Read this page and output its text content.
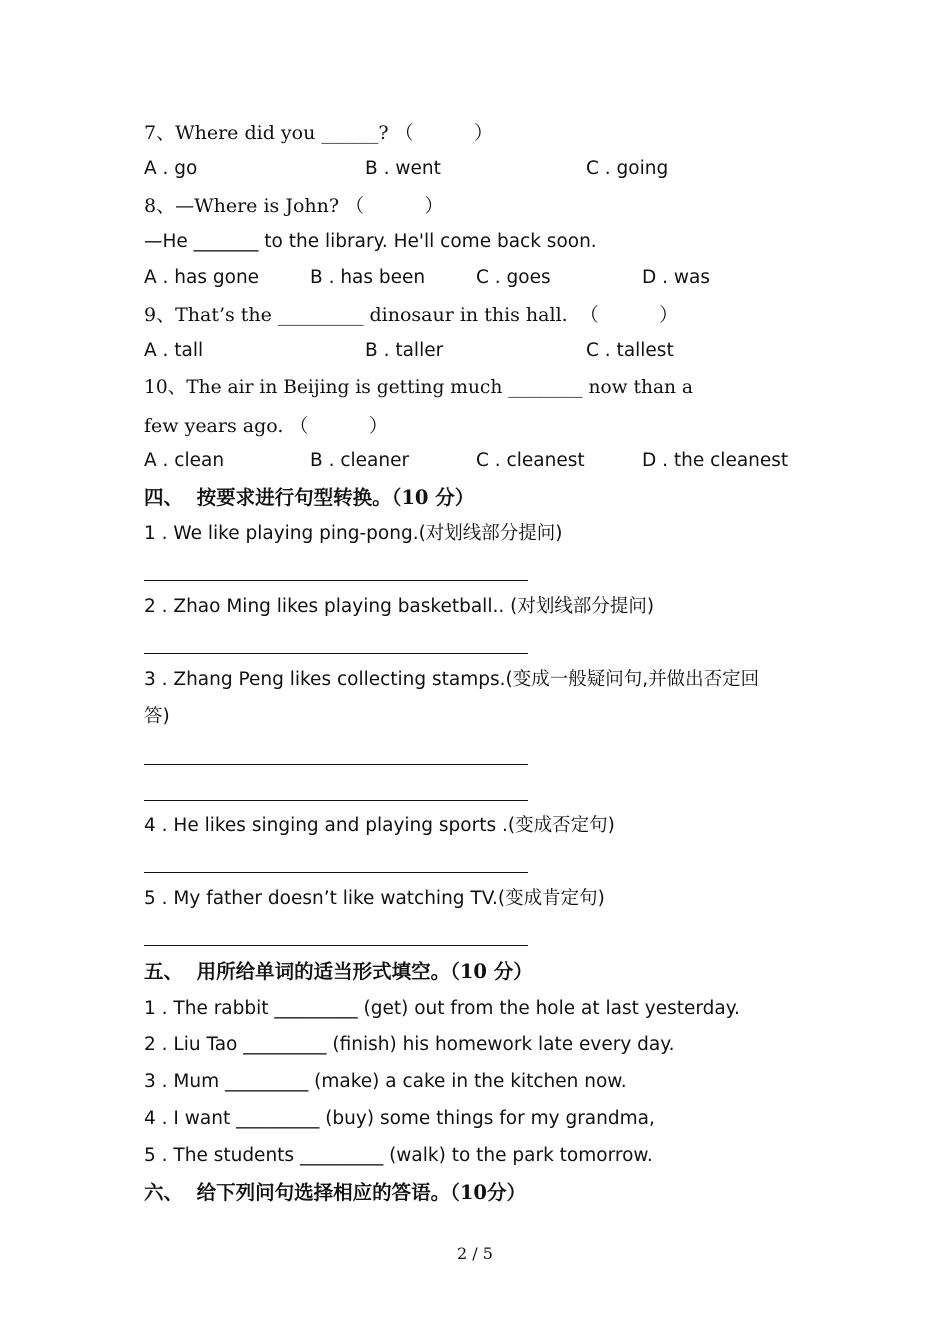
7、Where did you ______? （          ）
A . go	B . went	C . going
8、—Where is John? （          ）
—He _______ to the library. He'll come back soon.
A . has gone	B . has been	C . goes	D . was
9、That’s the _________ dinosaur in this hall.  （          ）
A . tall	B . taller	C . tallest
10、The air in Beijing is getting much ________ now than a
few years ago. （          ）
A . clean	B . cleaner	C . cleanest	D . the cleanest
四、  按要求进行句型转换。（10 分）
1 . We like playing ping-pong.(对划线部分提问)
2 . Zhao Ming likes playing basketball.. (对划线部分提问)
3 . Zhang Peng likes collecting stamps.(变成一般疑问句,并做出否定回
答)
4 . He likes singing and playing sports .(变成否定句)
5 . My father doesn’t like watching TV.(变成肯定句)
五、  用所给单词的适当形式填空。（10 分）
1 . The rabbit _________ (get) out from the hole at last yesterday.
2 . Liu Tao _________ (finish) his homework late every day.
3 . Mum _________ (make) a cake in the kitchen now.
4 . I want _________ (buy) some things for my grandma,
5 . The students _________ (walk) to the park tomorrow.
六、  给下列问句选择相应的答语。（10分）
2 / 5
